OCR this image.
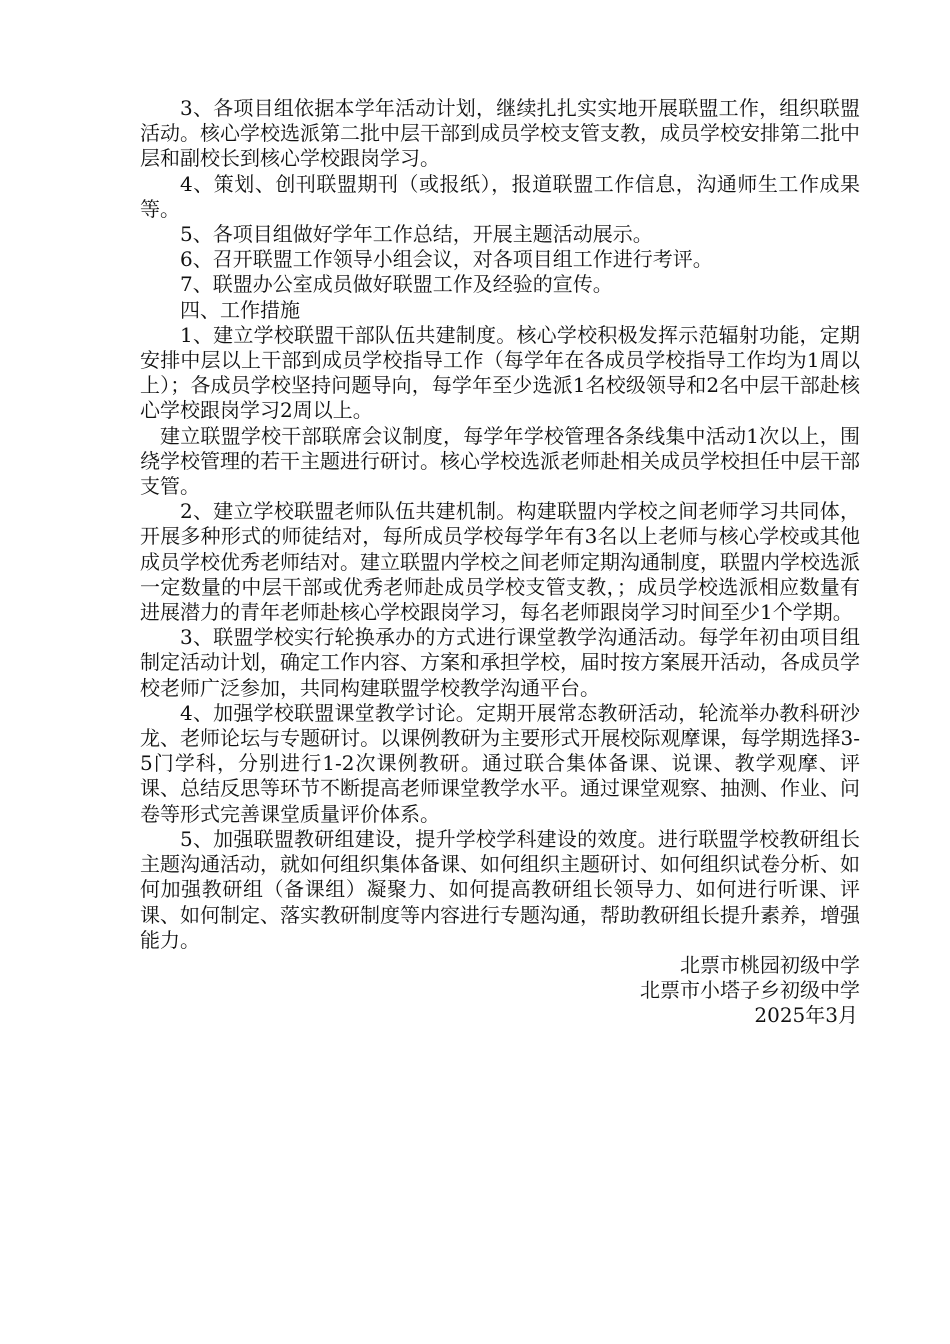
3、各项目组依据本学年活动计划，继续扎扎实实地开展联盟工作，组织联盟活动。核心学校选派第二批中层干部到成员学校支管支教，成员学校安排第二批中层和副校长到核心学校跟岗学习。

4、策划、创刊联盟期刊（或报纸），报道联盟工作信息，沟通师生工作成果等。

5、各项目组做好学年工作总结，开展主题活动展示。

6、召开联盟工作领导小组会议，对各项目组工作进行考评。

7、联盟办公室成员做好联盟工作及经验的宣传。

四、工作措施

1、建立学校联盟干部队伍共建制度。核心学校积极发挥示范辐射功能，定期安排中层以上干部到成员学校指导工作（每学年在各成员学校指导工作均为1周以上）；各成员学校坚持问题导向，每学年至少选派1名校级领导和2名中层干部赴核心学校跟岗学习2周以上。

建立联盟学校干部联席会议制度，每学年学校管理各条线集中活动1次以上，围绕学校管理的若干主题进行研讨。核心学校选派老师赴相关成员学校担任中层干部支管。

2、建立学校联盟老师队伍共建机制。构建联盟内学校之间老师学习共同体，开展多种形式的师徒结对，每所成员学校每学年有3名以上老师与核心学校或其他成员学校优秀老师结对。建立联盟内学校之间老师定期沟通制度，联盟内学校选派一定数量的中层干部或优秀老师赴成员学校支管支教，；成员学校选派相应数量有进展潜力的青年老师赴核心学校跟岗学习，每名老师跟岗学习时间至少1个学期。

3、联盟学校实行轮换承办的方式进行课堂教学沟通活动。每学年初由项目组制定活动计划，确定工作内容、方案和承担学校，届时按方案展开活动，各成员学校老师广泛参加，共同构建联盟学校教学沟通平台。

4、加强学校联盟课堂教学讨论。定期开展常态教研活动，轮流举办教科研沙龙、老师论坛与专题研讨。以课例教研为主要形式开展校际观摩课，每学期选择3-5门学科，分别进行1-2次课例教研。通过联合集体备课、说课、教学观摩、评课、总结反思等环节不断提高老师课堂教学水平。通过课堂观察、抽测、作业、问卷等形式完善课堂质量评价体系。

5、加强联盟教研组建设，提升学校学科建设的效度。进行联盟学校教研组长主题沟通活动，就如何组织集体备课、如何组织主题研讨、如何组织试卷分析、如何加强教研组（备课组）凝聚力、如何提高教研组长领导力、如何进行听课、评课、如何制定、落实教研制度等内容进行专题沟通，帮助教研组长提升素养，增强能力。

北票市桃园初级中学

北票市小塔子乡初级中学

2025年3月
